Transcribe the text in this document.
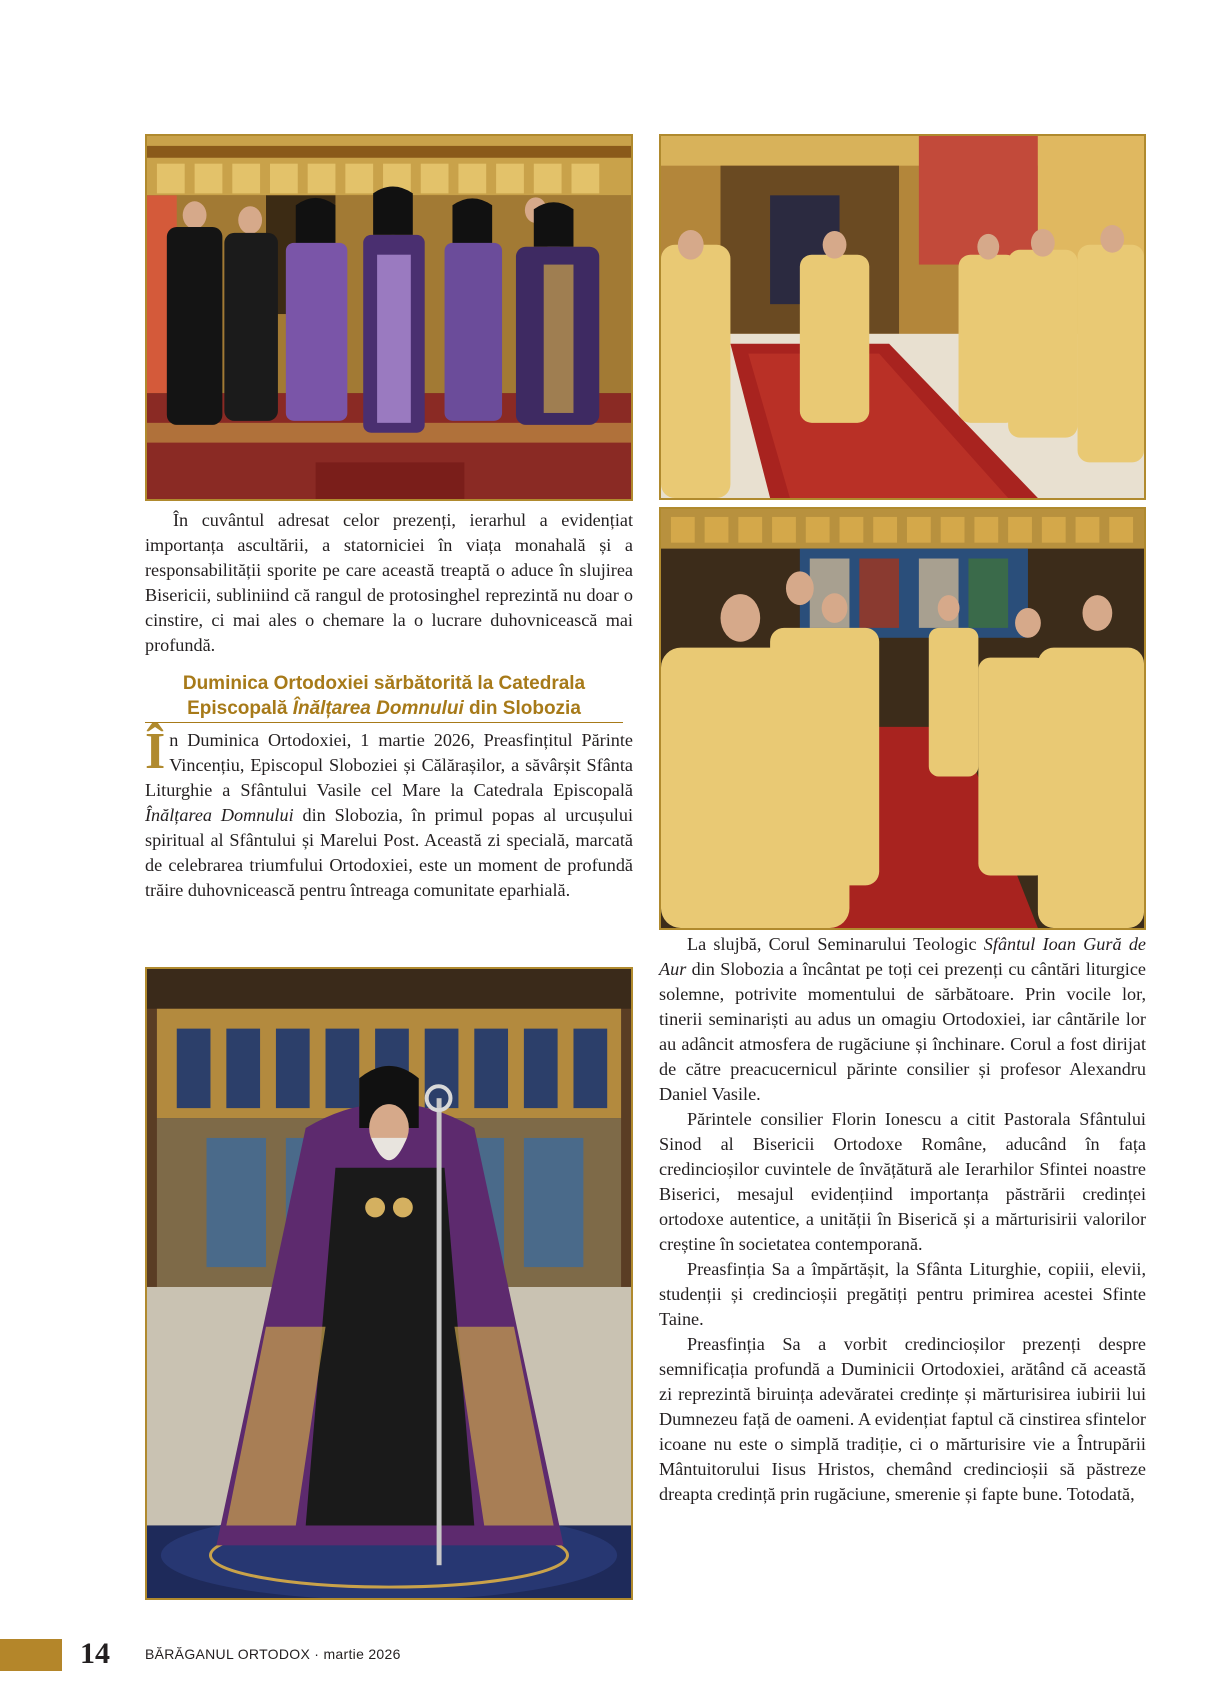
În cuvântul adresat celor prezenți, ierarhul a evidențiat importanța ascultării, a statorniciei în viața monahală și a responsabilității sporite pe care această treaptă o aduce în slujirea Bisericii, subliniind că rangul de protosinghel reprezintă nu doar o cinstire, ci mai ales o chemare la o lucrare duhovnicească mai profundă.

Duminica Ortodoxiei sărbătorită la Catedrala
Episcopală Înălțarea Domnului din Slobozia

În Duminica Ortodoxiei, 1 martie 2026, Preasfințitul Părinte Vincențiu, Episcopul Sloboziei și Călărașilor, a săvârșit Sfânta Liturghie a Sfântului Vasile cel Mare la Catedrala Episcopală Înălțarea Domnului din Slobozia, în primul popas al urcușului spiritual al Sfântului și Marelui Post. Această zi specială, marcată de celebrarea triumfului Ortodoxiei, este un moment de profundă trăire duhovnicească pentru întreaga comunitate eparhială.

La slujbă, Corul Seminarului Teologic Sfântul Ioan Gură de Aur din Slobozia a încântat pe toți cei prezenți cu cântări liturgice solemne, potrivite momentului de sărbătoare. Prin vocile lor, tinerii seminariști au adus un omagiu Ortodoxiei, iar cântările lor au adâncit atmosfera de rugăciune și închinare. Corul a fost dirijat de către preacucernicul părinte consilier și profesor Alexandru Daniel Vasile.

Părintele consilier Florin Ionescu a citit Pastorala Sfântului Sinod al Bisericii Ortodoxe Române, aducând în fața credincioșilor cuvintele de învățătură ale Ierarhilor Sfintei noastre Biserici, mesajul evidențiind importanța păstrării credinței ortodoxe autentice, a unității în Biserică și a mărturisirii valorilor creștine în societatea contemporană.

Preasfinția Sa a împărtășit, la Sfânta Liturghie, copiii, elevii, studenții și credincioșii pregătiți pentru primirea acestei Sfinte Taine.

Preasfinția Sa a vorbit credincioșilor prezenți despre semnificația profundă a Duminicii Ortodoxiei, arătând că această zi reprezintă biruința adevăratei credințe și mărturisirea iubirii lui Dumnezeu față de oameni. A evidențiat faptul că cinstirea sfintelor icoane nu este o simplă tradiție, ci o mărturisire vie a Întrupării Mântuitorului Iisus Hristos, chemând credincioșii să păstreze dreapta credință prin rugăciune, smerenie și fapte bune. Totodată,

14	BĂRĂGANUL ORTODOX · martie 2026
